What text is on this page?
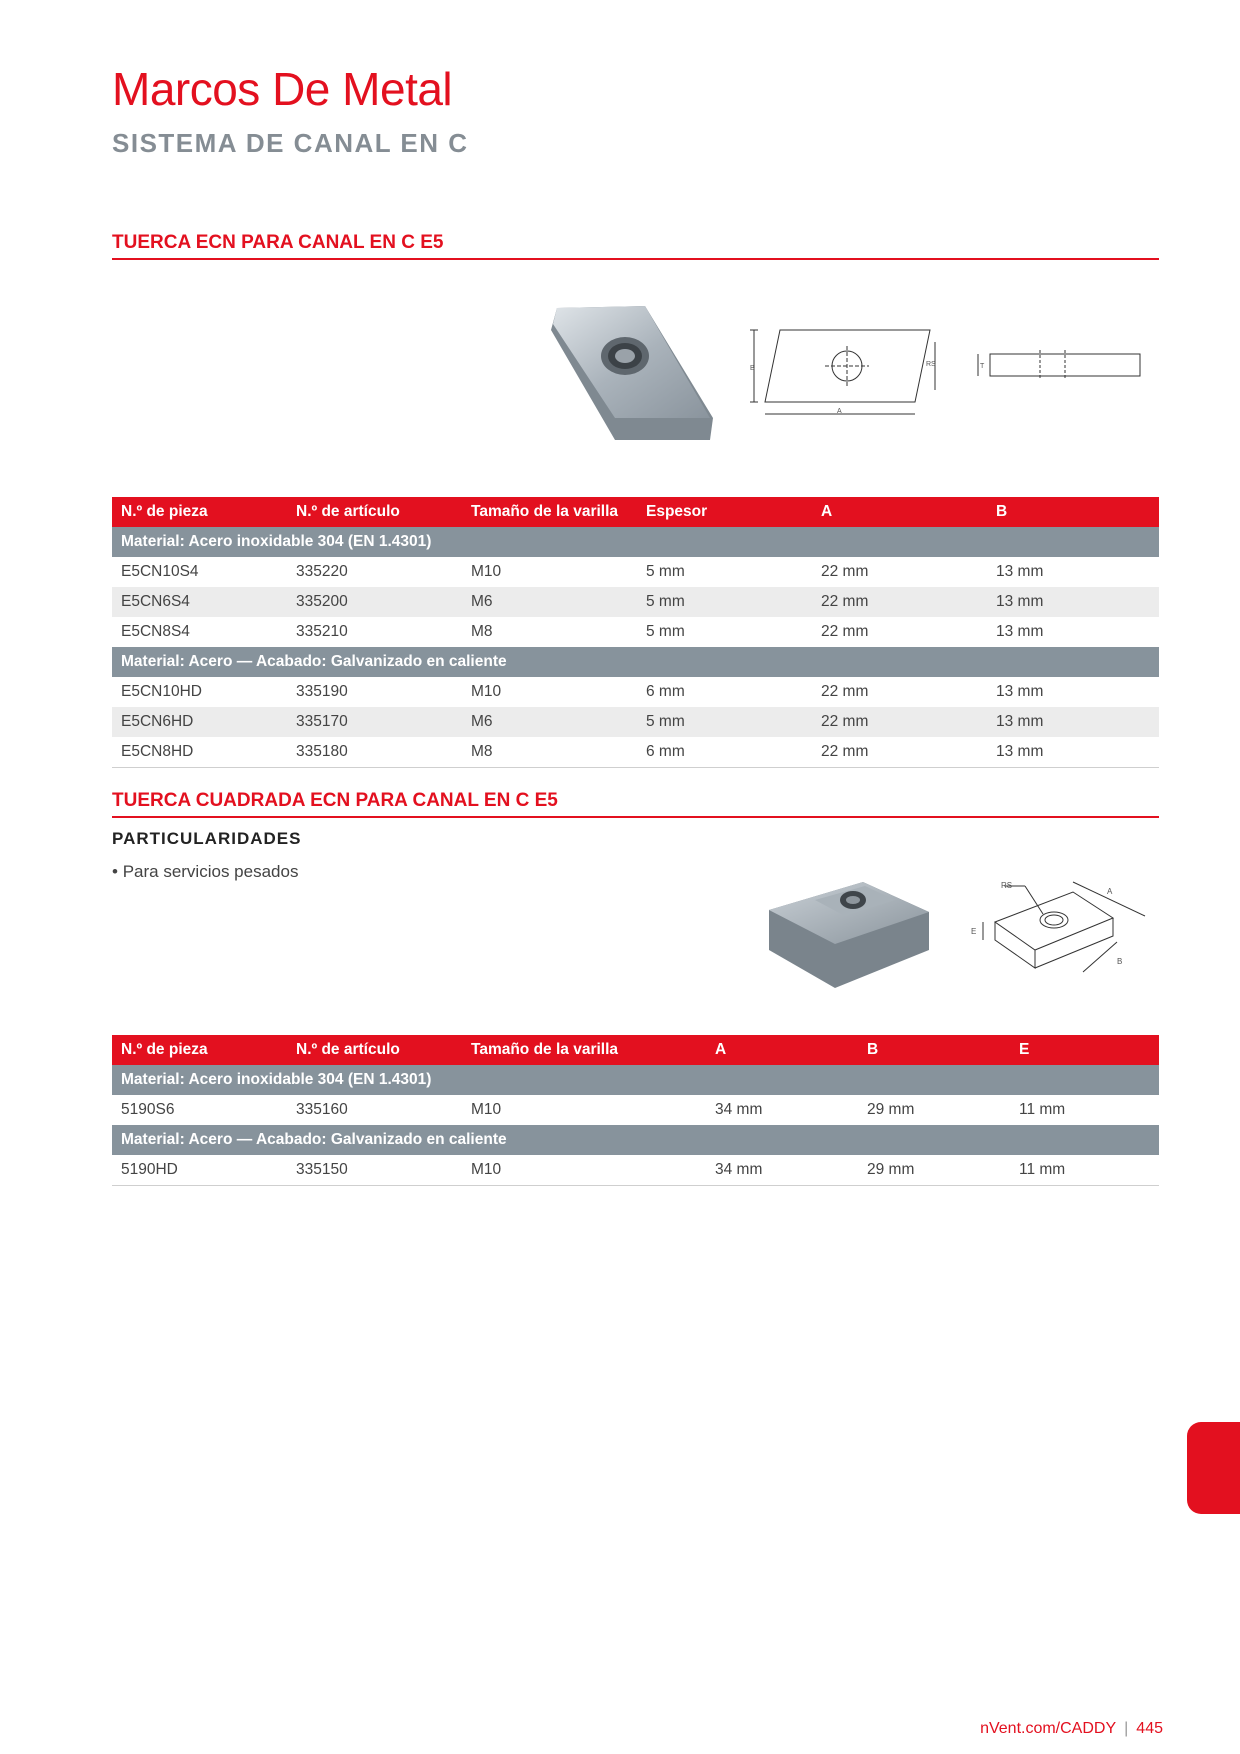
Marcos De Metal
SISTEMA DE CANAL EN C
TUERCA ECN PARA CANAL EN C E5
B
RS
A
T
N.º de pieza	N.º de artículo	Tamaño de la varilla	Espesor	A	B
Material: Acero inoxidable 304 (EN 1.4301)					
E5CN10S4	335220	M10	5 mm	22 mm	13 mm
E5CN6S4	335200	M6	5 mm	22 mm	13 mm
E5CN8S4	335210	M8	5 mm	22 mm	13 mm
Material: Acero — Acabado: Galvanizado en caliente					
E5CN10HD	335190	M10	6 mm	22 mm	13 mm
E5CN6HD	335170	M6	5 mm	22 mm	13 mm
E5CN8HD	335180	M8	6 mm	22 mm	13 mm
TUERCA CUADRADA ECN PARA CANAL EN C E5
PARTICULARIDADES
• Para servicios pesados
RS
A
B
E
N.º de pieza	N.º de artículo	Tamaño de la varilla	A	B	E
Material: Acero inoxidable 304 (EN 1.4301)					
5190S6	335160	M10	34 mm	29 mm	11 mm
Material: Acero — Acabado: Galvanizado en caliente					
5190HD	335150	M10	34 mm	29 mm	11 mm
nVent.com/CADDY | 445
